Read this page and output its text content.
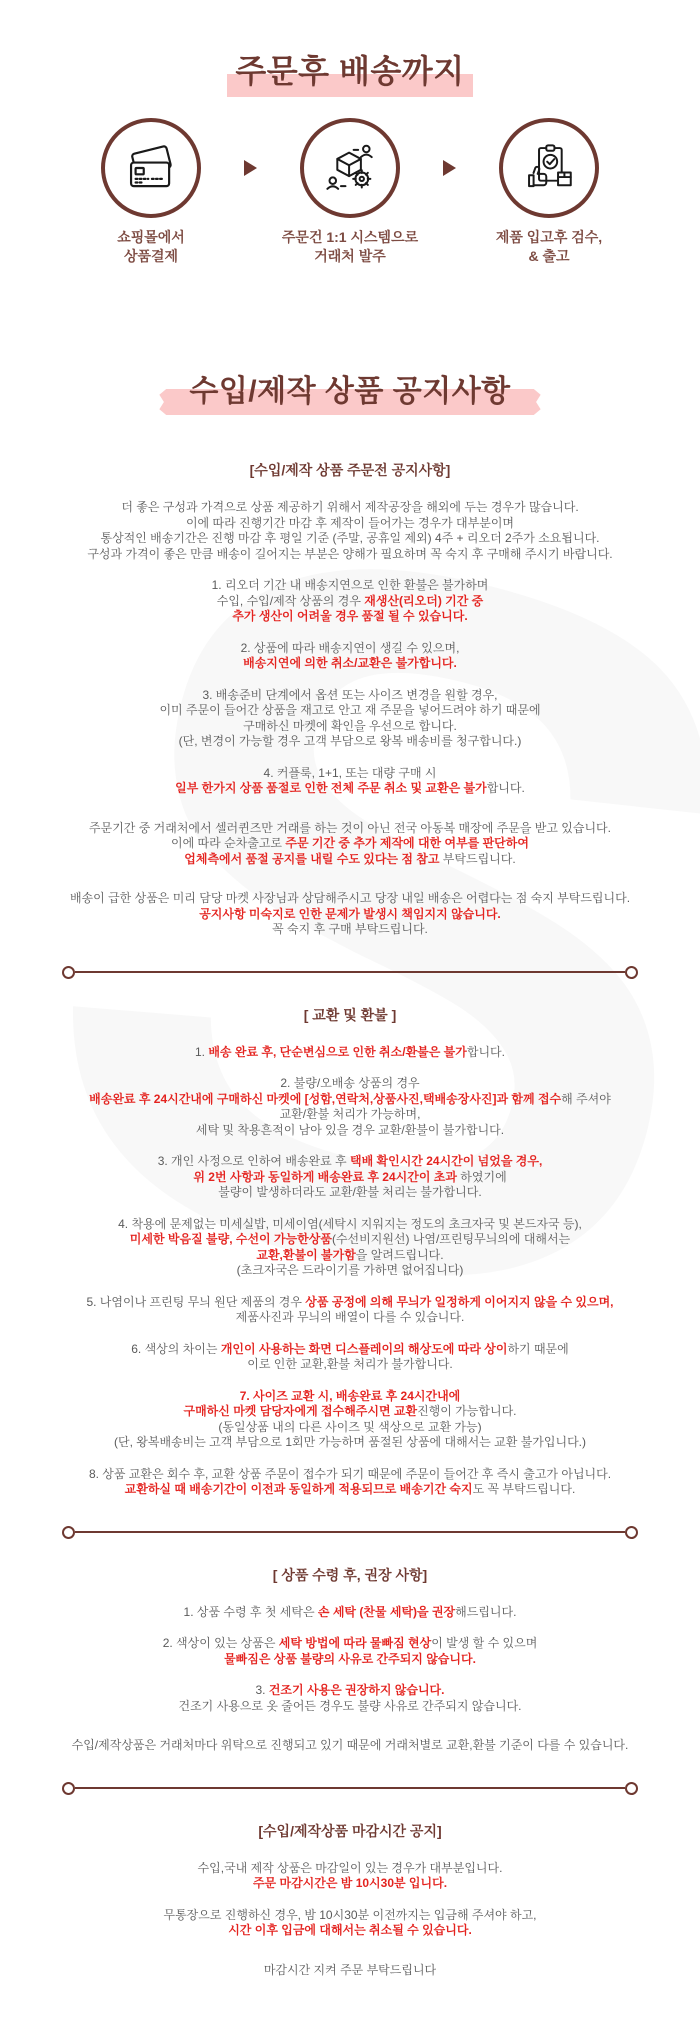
주문후 배송까지
쇼핑몰에서
상품결제
주문건 1:1 시스템으로
거래처 발주
제품 입고후 검수,
& 출고
수입/제작 상품 공지사항
[수입/제작 상품 주문전 공지사항]

더 좋은 구성과 가격으로 상품 제공하기 위해서 제작공장을 해외에 두는 경우가 많습니다.
이에 따라 진행기간 마감 후 제작이 들어가는 경우가 대부분이며
통상적인 배송기간은 진행 마감 후 평일 기준 (주말, 공휴일 제외) 4주 + 리오더 2주가 소요됩니다.
구성과 가격이 좋은 만큼 배송이 길어지는 부분은 양해가 필요하며 꼭 숙지 후 구매해 주시기 바랍니다.

1. 리오더 기간 내 배송지연으로 인한 환불은 불가하며
수입, 수입/제작 상품의 경우 재생산(리오더) 기간 중
추가 생산이 어려울 경우 품절 될 수 있습니다.

2. 상품에 따라 배송지연이 생길 수 있으며,
배송지연에 의한 취소/교환은 불가합니다.

3. 배송준비 단계에서 옵션 또는 사이즈 변경을 원할 경우,
이미 주문이 들어간 상품을 재고로 안고 재 주문을 넣어드려야 하기 때문에
구매하신 마켓에 확인을 우선으로 합니다.
(단, 변경이 가능할 경우 고객 부담으로 왕복 배송비를 청구합니다.)

4. 커플룩, 1+1, 또는 대량 구매 시
일부 한가지 상품 품절로 인한 전체 주문 취소 및 교환은 불가합니다.

주문기간 중 거래처에서 셀러퀸즈만 거래를 하는 것이 아닌 전국 아동복 매장에 주문을 받고 있습니다.
이에 따라 순차출고로 주문 기간 중 추가 제작에 대한 여부를 판단하여
업체측에서 품절 공지를 내릴 수도 있다는 점 참고 부탁드립니다.

배송이 급한 상품은 미리 담당 마켓 사장님과 상담해주시고 당장 내일 배송은 어렵다는 점 숙지 부탁드립니다.
공지사항 미숙지로 인한 문제가 발생시 책임지지 않습니다.
꼭 숙지 후 구매 부탁드립니다.

[ 교환 및 환불 ]

1. 배송 완료 후, 단순변심으로 인한 취소/환불은 불가합니다.

2. 불량/오배송 상품의 경우
배송완료 후 24시간내에 구매하신 마켓에 [성함,연락처,상품사진,택배송장사진]과 함께 접수해 주셔야
교환/환불 처리가 가능하며,
세탁 및 착용흔적이 남아 있을 경우 교환/환불이 불가합니다.

3. 개인 사정으로 인하여 배송완료 후 택배 확인시간 24시간이 넘었을 경우,
위 2번 사항과 동일하게 배송완료 후 24시간이 초과 하였기에
불량이 발생하더라도 교환/환불 처리는 불가합니다.

4. 착용에 문제없는 미세실밥, 미세이염(세탁시 지워지는 정도의 초크자국 및 본드자국 등),
미세한 박음질 불량, 수선이 가능한상품(수선비지원선) 나염/프린팅무늬의에 대해서는
교환,환불이 불가함을 알려드립니다.
(초크자국은 드라이기를 가하면 없어집니다)

5. 나염이나 프린팅 무늬 원단 제품의 경우 상품 공정에 의해 무늬가 일정하게 이어지지 않을 수 있으며,
제품사진과 무늬의 배열이 다를 수 있습니다.

6. 색상의 차이는 개인이 사용하는 화면 디스플레이의 해상도에 따라 상이하기 때문에
이로 인한 교환,환불 처리가 불가합니다.

7. 사이즈 교환 시, 배송완료 후 24시간내에
구매하신 마켓 담당자에게 접수해주시면 교환진행이 가능합니다.
(동일상품 내의 다른 사이즈 및 색상으로 교환 가능)
(단, 왕복배송비는 고객 부담으로 1회만 가능하며 품절된 상품에 대해서는 교환 불가입니다.)

8. 상품 교환은 회수 후, 교환 상품 주문이 접수가 되기 때문에 주문이 들어간 후 즉시 출고가 아닙니다.
교환하실 때 배송기간이 이전과 동일하게 적용되므로 배송기간 숙지도 꼭 부탁드립니다.

[ 상품 수령 후, 권장 사항]

1. 상품 수령 후 첫 세탁은 손 세탁 (찬물 세탁)을 권장해드립니다.

2. 색상이 있는 상품은 세탁 방법에 따라 물빠짐 현상이 발생 할 수 있으며
물빠짐은 상품 불량의 사유로 간주되지 않습니다.

3. 건조기 사용은 권장하지 않습니다.
건조기 사용으로 옷 줄어든 경우도 불량 사유로 간주되지 않습니다.

수입/제작상품은 거래처마다 위탁으로 진행되고 있기 때문에 거래처별로 교환,환불 기준이 다를 수 있습니다.

[수입/제작상품 마감시간 공지]

수입,국내 제작 상품은 마감일이 있는 경우가 대부분입니다.
주문 마감시간은 밤 10시30분 입니다.

무통장으로 진행하신 경우, 밤 10시30분 이전까지는 입금해 주셔야 하고,
시간 이후 입금에 대해서는 취소될 수 있습니다.

마감시간 지켜 주문 부탁드립니다
